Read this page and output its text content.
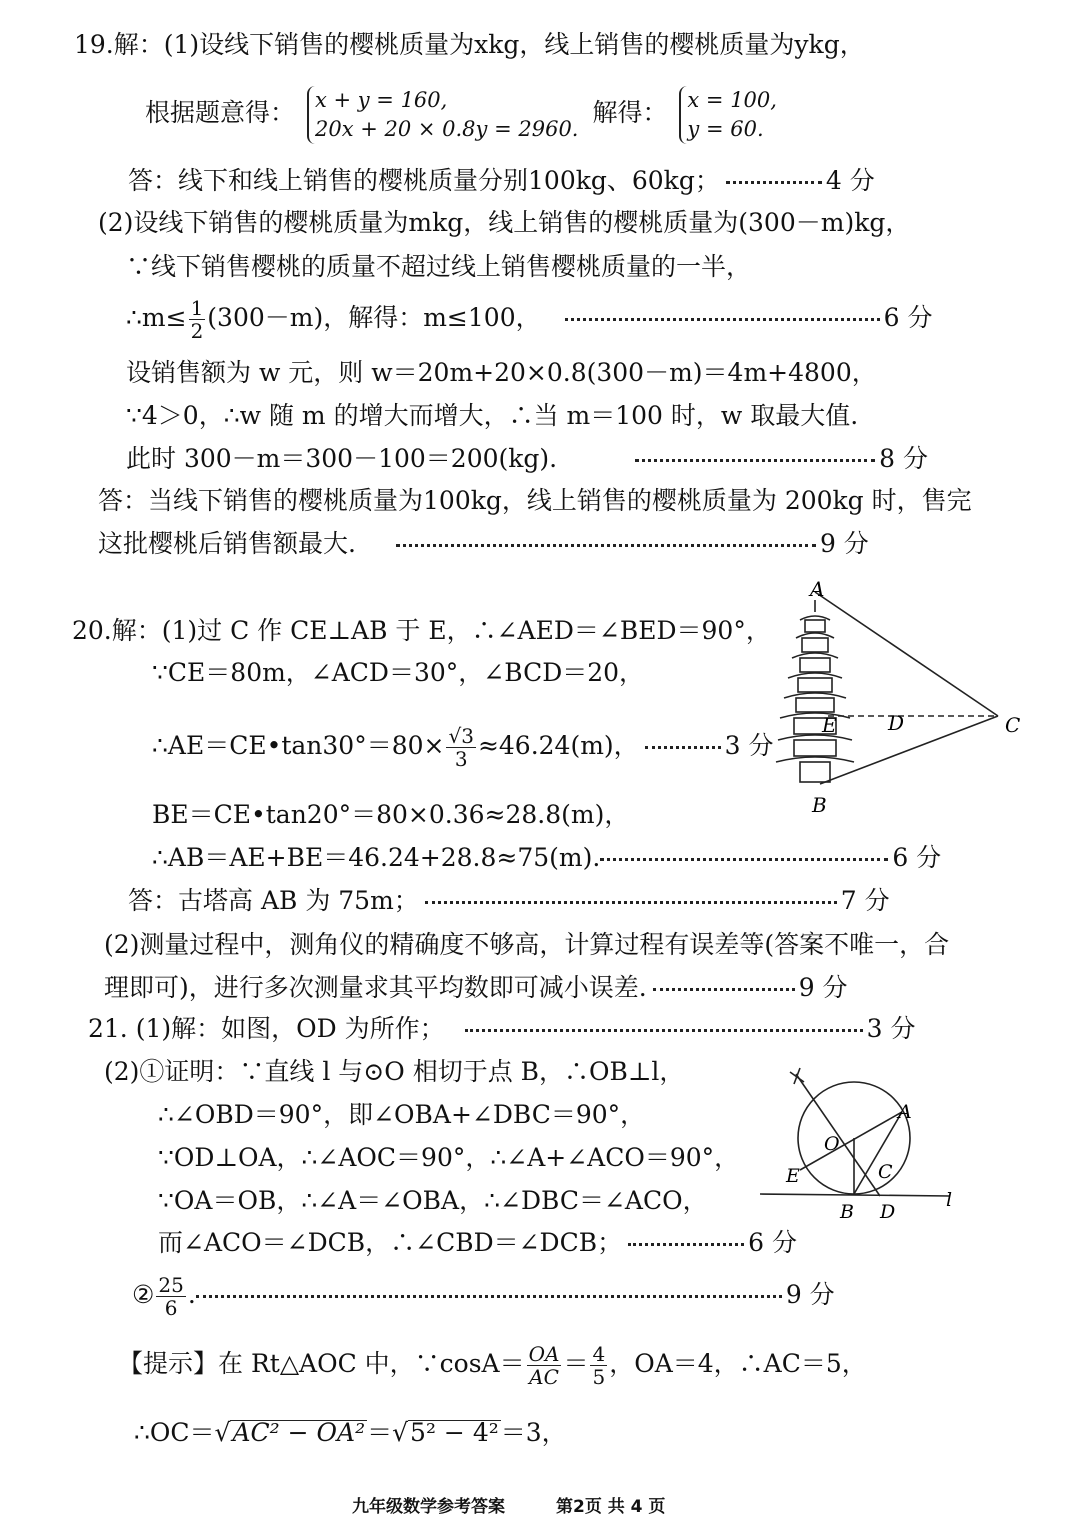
19.解：(1)设线下销售的樱桃质量为xkg，线上销售的樱桃质量为ykg，
根据题意得： x + y = 160,
20x + 20 × 0.8y = 2960.
解得： x = 100,
y = 60.
答：线下和线上销售的樱桃质量分别100kg、60kg；	4 分
(2)设线下销售的樱桃质量为mkg，线上销售的樱桃质量为(300－m)kg，
∵线下销售樱桃的质量不超过线上销售樱桃质量的一半，
∴m≤ $\frac{1}{2} (300-m)$，解得：m≤100，	6 分
设销售额为 w 元，则 w＝20m+20×0.8(300－m)＝4m+4800，
∵4＞0，∴w 随 m 的增大而增大，∴当 m＝100 时，w 取最大值.
此时 300－m＝300－100＝200(kg).	8 分
答：当线下销售的樱桃质量为100kg，线上销售的樱桃质量为 200kg 时，售完
这批樱桃后销售额最大.	9 分
20.解：(1)过 C 作 CE⊥AB 于 E，∴∠AED＝∠BED＝90°，
∵CE＝80m，∠ACD＝30°，∠BCD＝20，
∴AE＝CE•tan30°＝80× $\frac{√3}{3} \approx 46.24(m)$，	3 分
BE＝CE•tan20°＝80×0.36≈28.8(m)，
∴AB＝AE+BE＝46.24+28.8≈75(m).	6 分
答：古塔高 AB 为 75m；	7 分
(2)测量过程中，测角仪的精确度不够高，计算过程有误差等(答案不唯一，合
理即可)，进行多次测量求其平均数即可减小误差.	9 分
A
B
C
D
E
21. (1)解：如图，OD 为所作；	3 分
(2)①证明：∵直线 l 与⊙O 相切于点 B，∴OB⊥l，
∴∠OBD＝90°，即∠OBA+∠DBC＝90°，
∵OD⊥OA，∴∠AOC＝90°，∴∠A+∠ACO＝90°，
∵OA＝OB，∴∠A＝∠OBA，∴∠DBC＝∠ACO，
而∠ACO＝∠DCB，∴∠CBD＝∠DCB；	6 分
② $\frac{25}{6}$ .	9 分
【提示】在 Rt△AOC 中，∵cosA＝ $\frac{OA}{AC} = \frac{4}{5}$ ，OA＝4，∴AC＝5，
∴OC＝√AC² − OA²＝√5² − 4²＝3，
O
A
B
C
D
E
l
九年级数学参考答案	第2页 共 4 页
